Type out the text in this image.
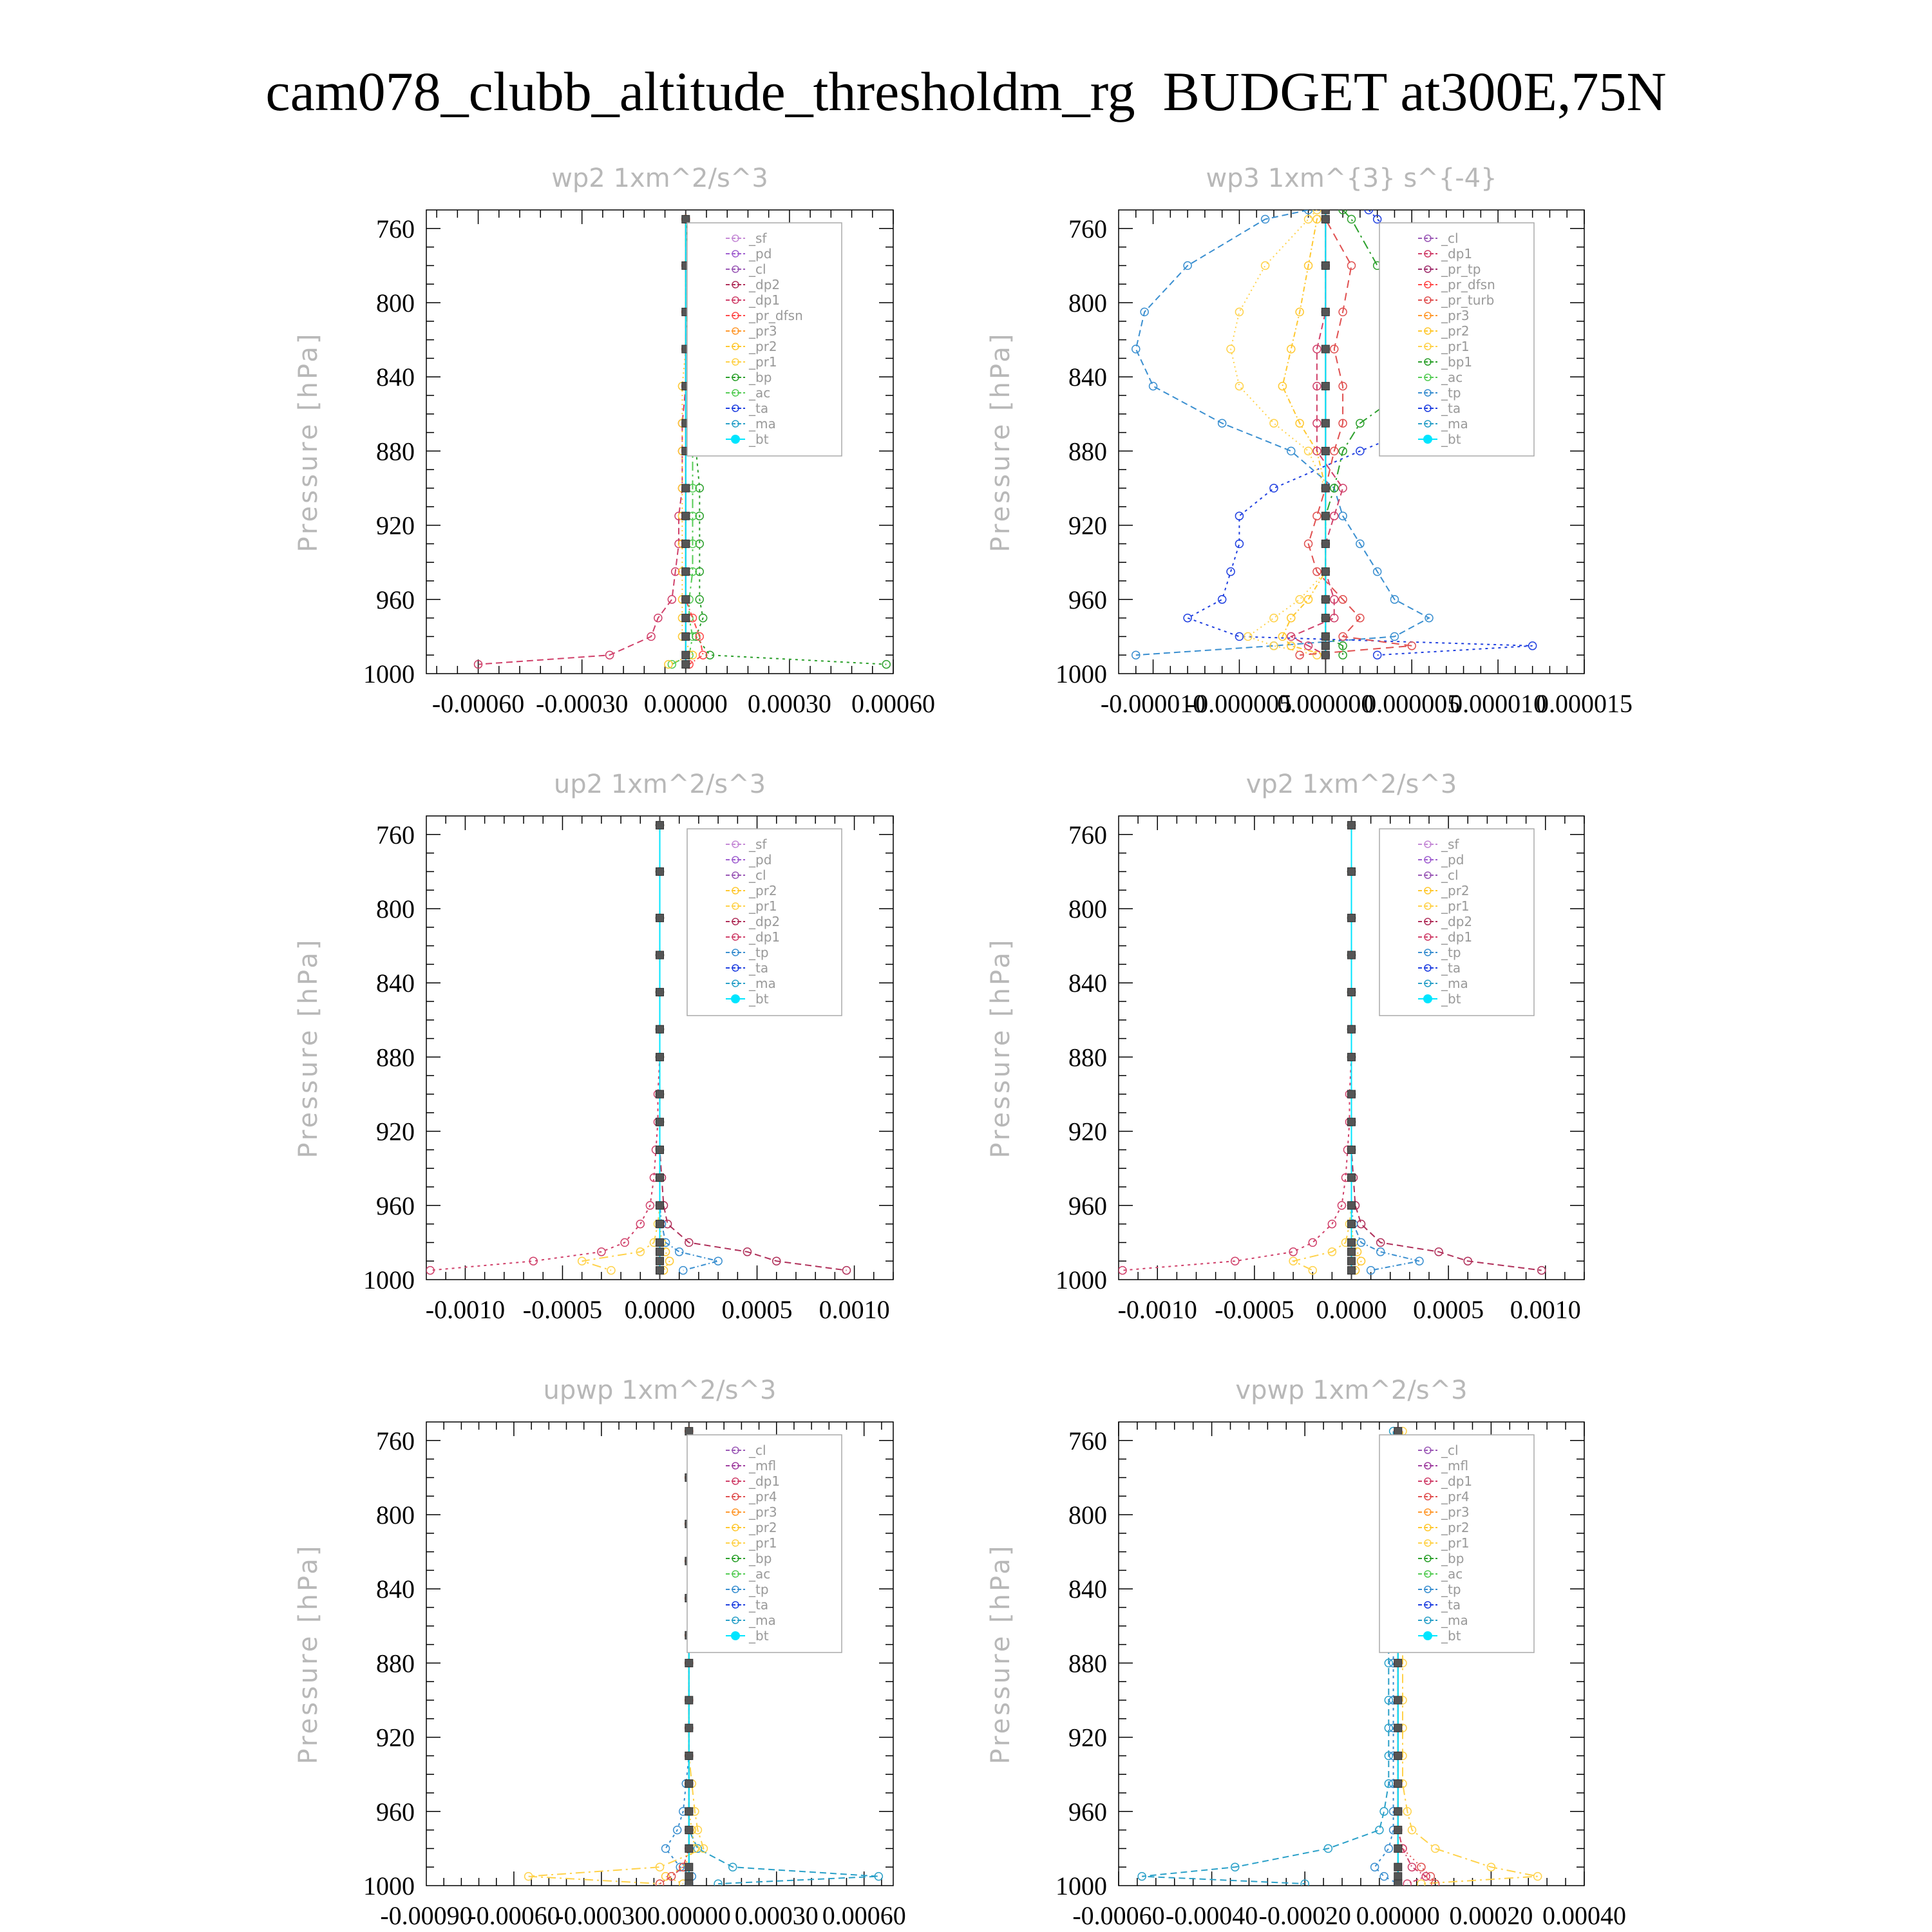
cam078_clubb_altitude_thresholdm_rg  BUDGET at300E,75N
wp2 1xm^2/s^3
Pressure [hPa]
760
800
840
880
920
960
1000
-0.00060 -0.00030 0.00000 0.00030 0.00060
_sf
_pd
_cl
_dp2
_dp1
_pr_dfsn
_pr3
_pr2
_pr1
_bp
_ac
_ta
_ma
_bt
wp3 1xm^{3} s^{-4}
Pressure [hPa]
760
800
840
880
920
960
1000
-0.000010
-0.000005
0.000000
0.000005
0.000010
0.000015
_cl
_dp1
_pr_tp
_pr_dfsn
_pr_turb
_pr3
_pr2
_pr1
_bp1
_ac
_tp
_ta
_ma
_bt
up2 1xm^2/s^3
Pressure [hPa]
760
800
840
880
920
960
1000
-0.0010 -0.0005 0.0000 0.0005 0.0010
_sf
_pd
_cl
_pr2
_pr1
_dp2
_dp1
_tp
_ta
_ma
_bt
vp2 1xm^2/s^3
Pressure [hPa]
760
800
840
880
920
960
1000
-0.0010 -0.0005 0.0000 0.0005 0.0010
_sf
_pd
_cl
_pr2
_pr1
_dp2
_dp1
_tp
_ta
_ma
_bt
upwp 1xm^2/s^3
Pressure [hPa]
760
800
840
880
920
960
1000
-0.00090
-0.00060
-0.00030 0.00000 0.00030 0.00060
_cl
_mfl
_dp1
_pr4
_pr3
_pr2
_pr1
_bp
_ac
_tp
_ta
_ma
_bt
vpwp 1xm^2/s^3
Pressure [hPa]
760
800
840
880
920
960
1000
-0.00060 -0.00040 -0.00020 0.00000 0.00020 0.00040
_cl
_mfl
_dp1
_pr4
_pr3
_pr2
_pr1
_bp
_ac
_tp
_ta
_ma
_bt
